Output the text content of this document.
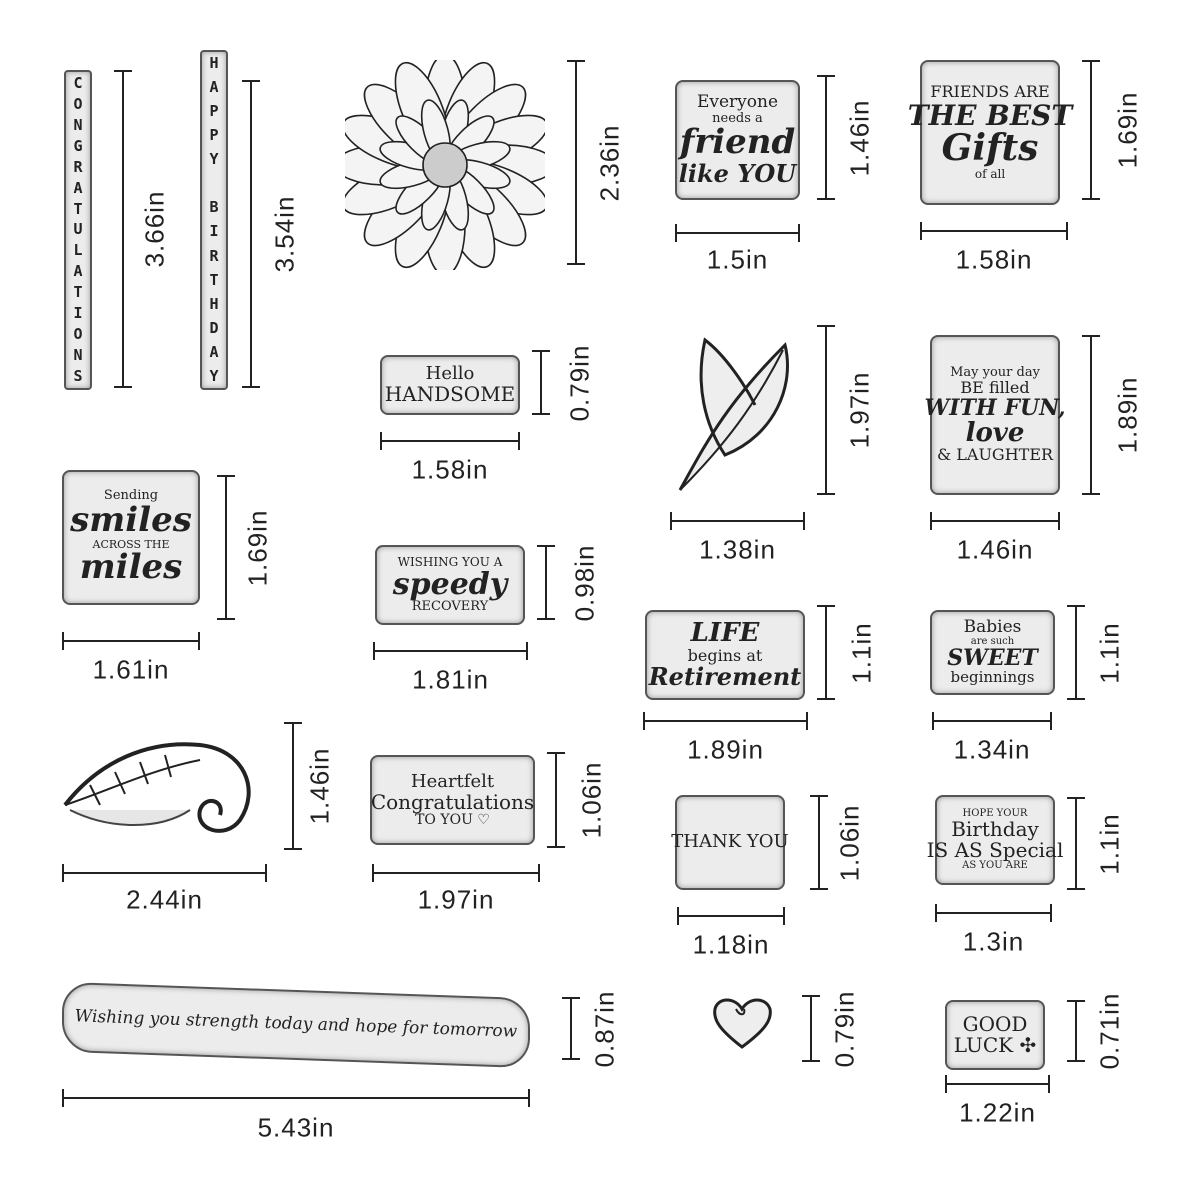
C
O
N
G
R
A
T
U
L
A
T
I
O
N
S
3.66in
H
A
P
P
Y

B
I
R
T
H
D
A
Y
3.54in
2.36in
Everyone
needs a
friend
like YOU 1.46in
1.5in
FRIENDS ARE
THE BEST
Gifts
of all
1.69in
1.58in
Hello
HANDSOME 0.79in
1.58in
1.97in
1.38in
May your day
BE filled
WITH FUN,
love
& LAUGHTER
1.89in
1.46in
Sending
smiles
ACROSS THE
miles 1.69in
1.61in
WISHING YOU A
speedy
RECOVERY	0.98in
1.81in
LIFE
begins at
Retirement 1.1in
1.89in
Babies
are such
SWEET
beginnings 1.1in
1.34in
1.46in
2.44in
Heartfelt
Congratulations
TO YOU ♡	1.06in
1.97in
THANK YOU 1.06in
1.18in
HOPE YOUR
Birthday
IS AS Special
AS YOU ARE	1.1in
1.3in
Wishing you strength today and hope for tomorrow	0.87in
5.43in
0.79in	GOOD
LUCK ✣ 0.71in
1.22in
